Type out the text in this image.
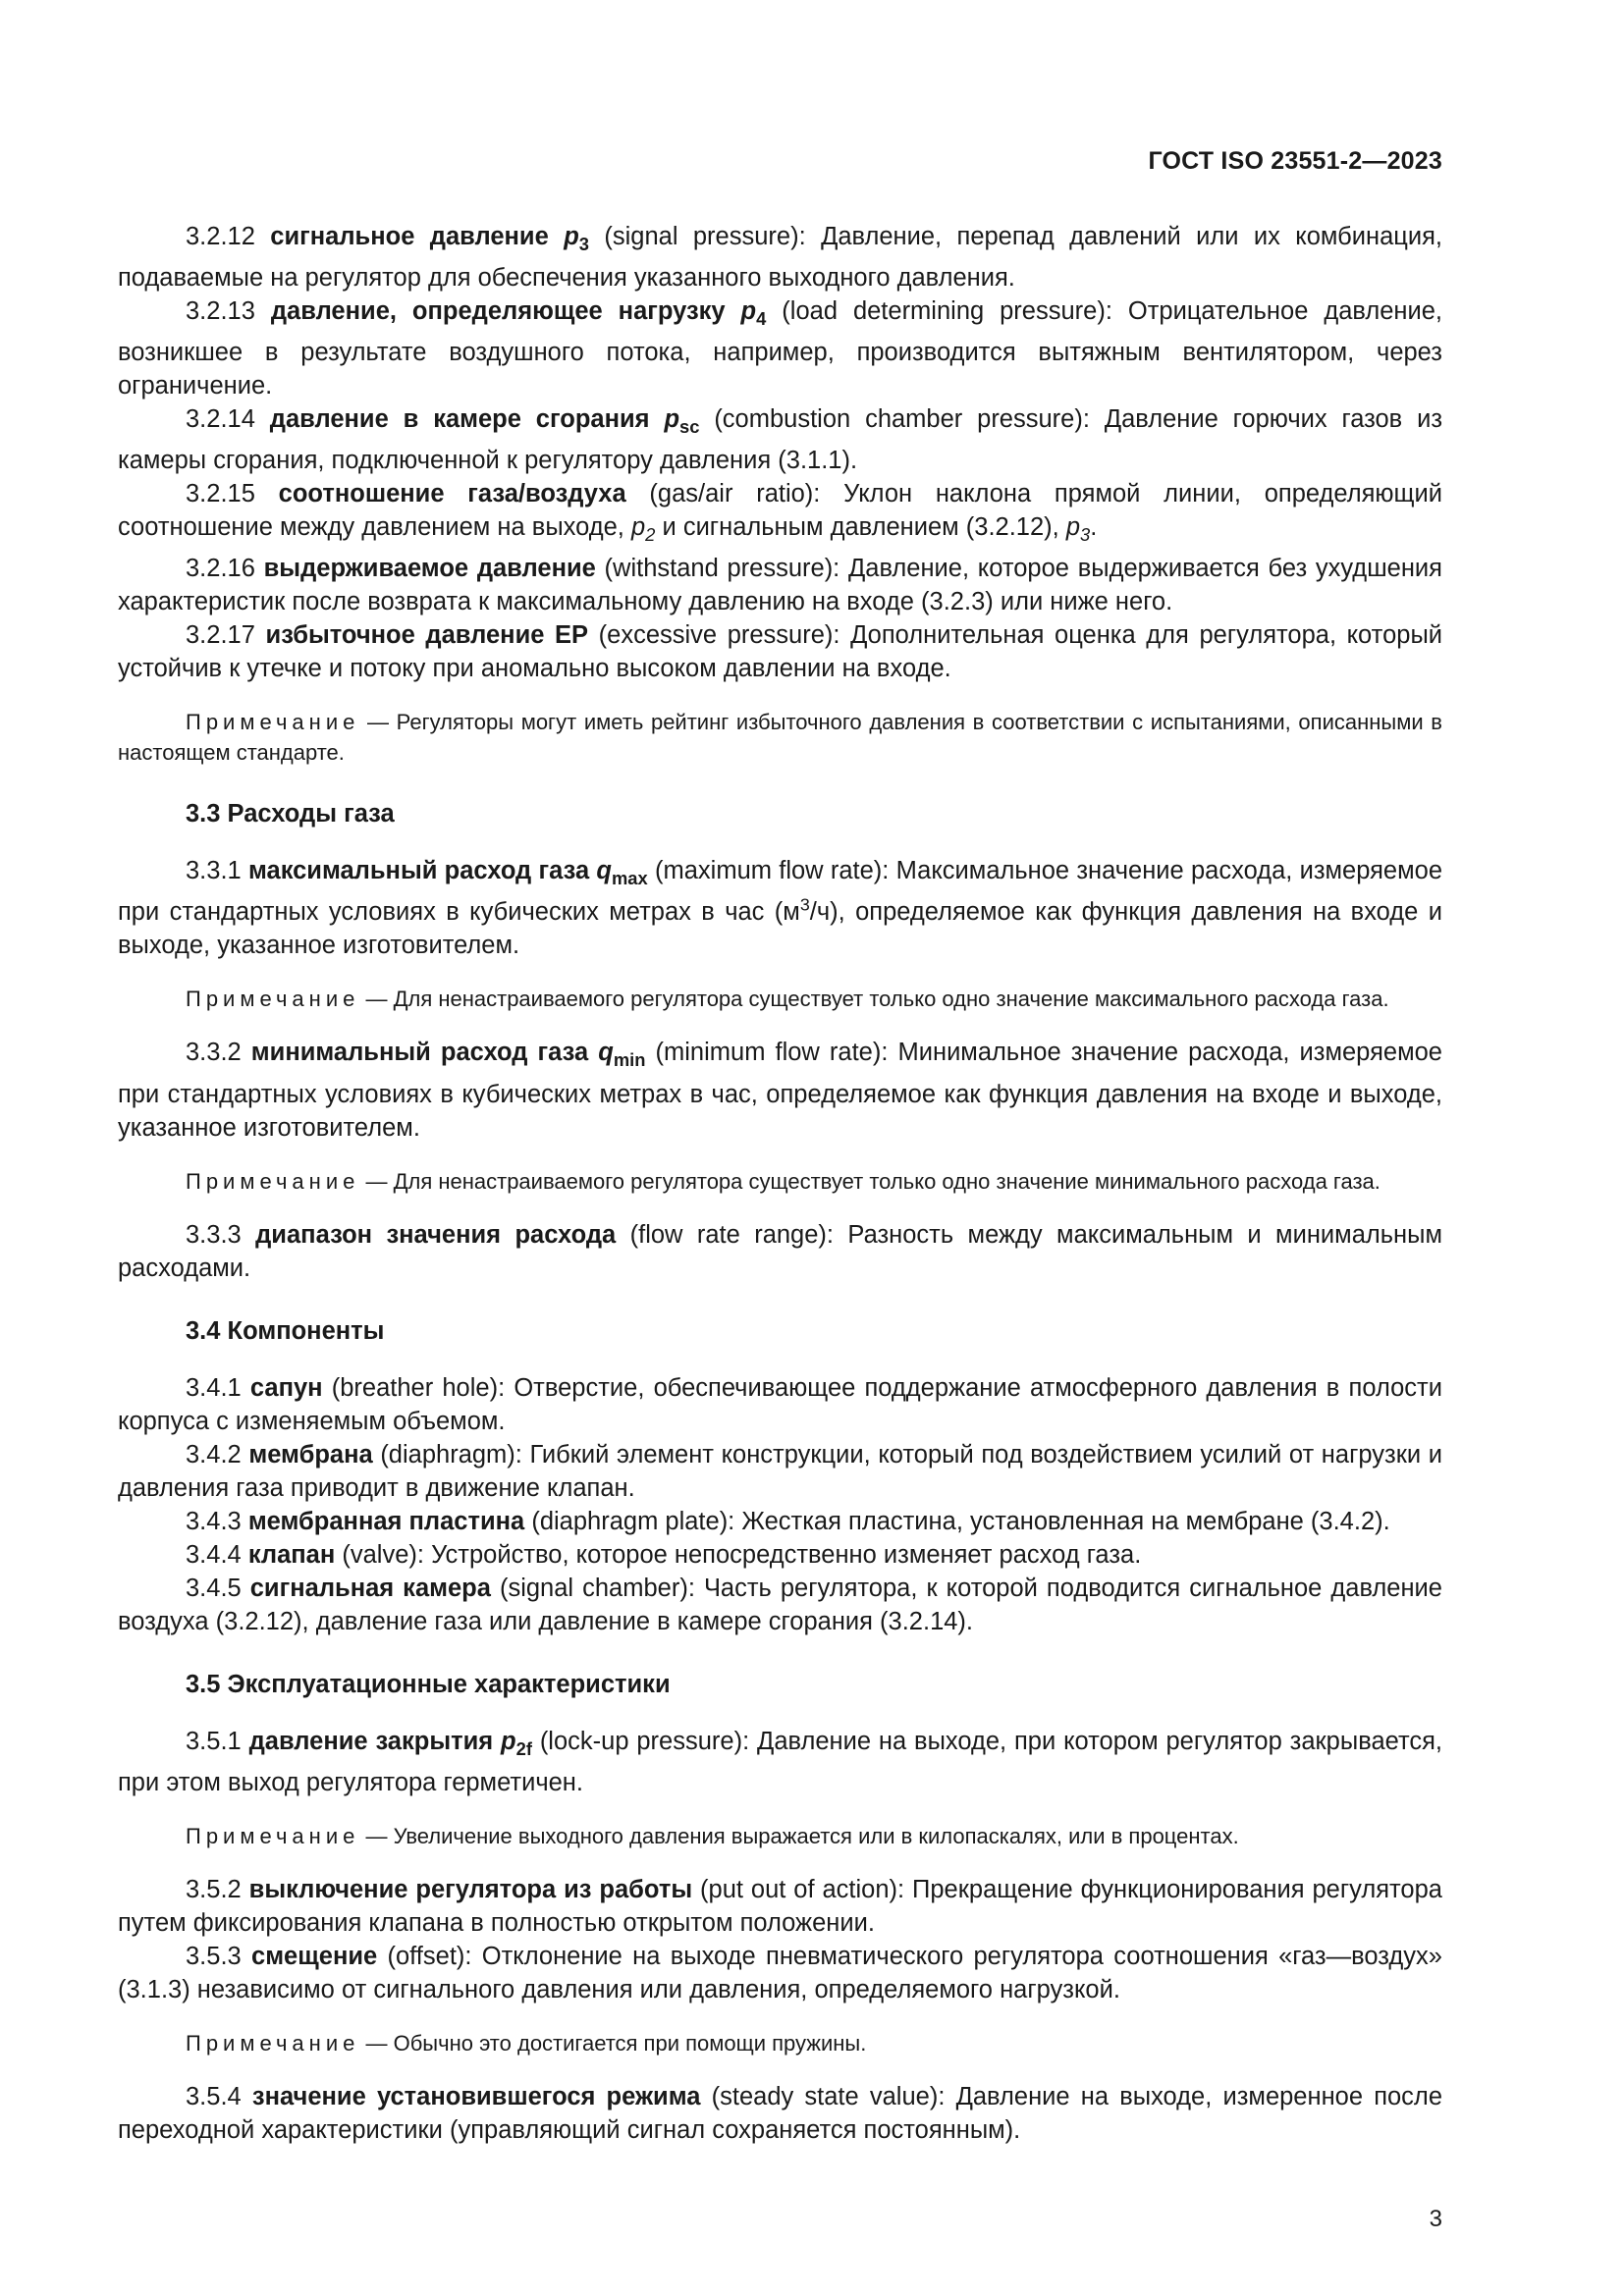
ГОСТ ISO 23551-2—2023

3.2.12 сигнальное давление $p_3$ (signal pressure): Давление, перепад давлений или их комбинация, подаваемые на регулятор для обеспечения указанного выходного давления.

3.2.13 давление, определяющее нагрузку $p_4$ (load determining pressure): Отрицательное давление, возникшее в результате воздушного потока, например, производится вытяжным вентилятором, через ограничение.

3.2.14 давление в камере сгорания $p_{sc}$ (combustion chamber pressure): Давление горючих газов из камеры сгорания, подключенной к регулятору давления (3.1.1).

3.2.15 соотношение газа/воздуха (gas/air ratio): Уклон наклона прямой линии, определяющий соотношение между давлением на выходе, $p_2$ и сигнальным давлением (3.2.12), $p_3$.

3.2.16 выдерживаемое давление (withstand pressure): Давление, которое выдерживается без ухудшения характеристик после возврата к максимальному давлению на входе (3.2.3) или ниже него.

3.2.17 избыточное давление ЕР (excessive pressure): Дополнительная оценка для регулятора, который устойчив к утечке и потоку при аномально высоком давлении на входе.

Примечание — Регуляторы могут иметь рейтинг избыточного давления в соответствии с испытаниями, описанными в настоящем стандарте.

3.3 Расходы газа

3.3.1 максимальный расход газа $q_{max}$ (maximum flow rate): Максимальное значение расхода, измеряемое при стандартных условиях в кубических метрах в час $(м^3/ч)$, определяемое как функция давления на входе и выходе, указанное изготовителем.

Примечание — Для ненастраиваемого регулятора существует только одно значение максимального расхода газа.

3.3.2 минимальный расход газа $q_{min}$ (minimum flow rate): Минимальное значение расхода, измеряемое при стандартных условиях в кубических метрах в час, определяемое как функция давления на входе и выходе, указанное изготовителем.

Примечание — Для ненастраиваемого регулятора существует только одно значение минимального расхода газа.

3.3.3 диапазон значения расхода (flow rate range): Разность между максимальным и минимальным расходами.

3.4 Компоненты

3.4.1 сапун (breather hole): Отверстие, обеспечивающее поддержание атмосферного давления в полости корпуса с изменяемым объемом.

3.4.2 мембрана (diaphragm): Гибкий элемент конструкции, который под воздействием усилий от нагрузки и давления газа приводит в движение клапан.

3.4.3 мембранная пластина (diaphragm plate): Жесткая пластина, установленная на мембране (3.4.2).

3.4.4 клапан (valve): Устройство, которое непосредственно изменяет расход газа.

3.4.5 сигнальная камера (signal chamber): Часть регулятора, к которой подводится сигнальное давление воздуха (3.2.12), давление газа или давление в камере сгорания (3.2.14).

3.5 Эксплуатационные характеристики

3.5.1 давление закрытия $p_{2f}$ (lock-up pressure): Давление на выходе, при котором регулятор закрывается, при этом выход регулятора герметичен.

Примечание — Увеличение выходного давления выражается или в килопаскалях, или в процентах.

3.5.2 выключение регулятора из работы (put out of action): Прекращение функционирования регулятора путем фиксирования клапана в полностью открытом положении.

3.5.3 смещение (offset): Отклонение на выходе пневматического регулятора соотношения «газ—воздух» (3.1.3) независимо от сигнального давления или давления, определяемого нагрузкой.

Примечание — Обычно это достигается при помощи пружины.

3.5.4 значение установившегося режима (steady state value): Давление на выходе, измеренное после переходной характеристики (управляющий сигнал сохраняется постоянным).

3
